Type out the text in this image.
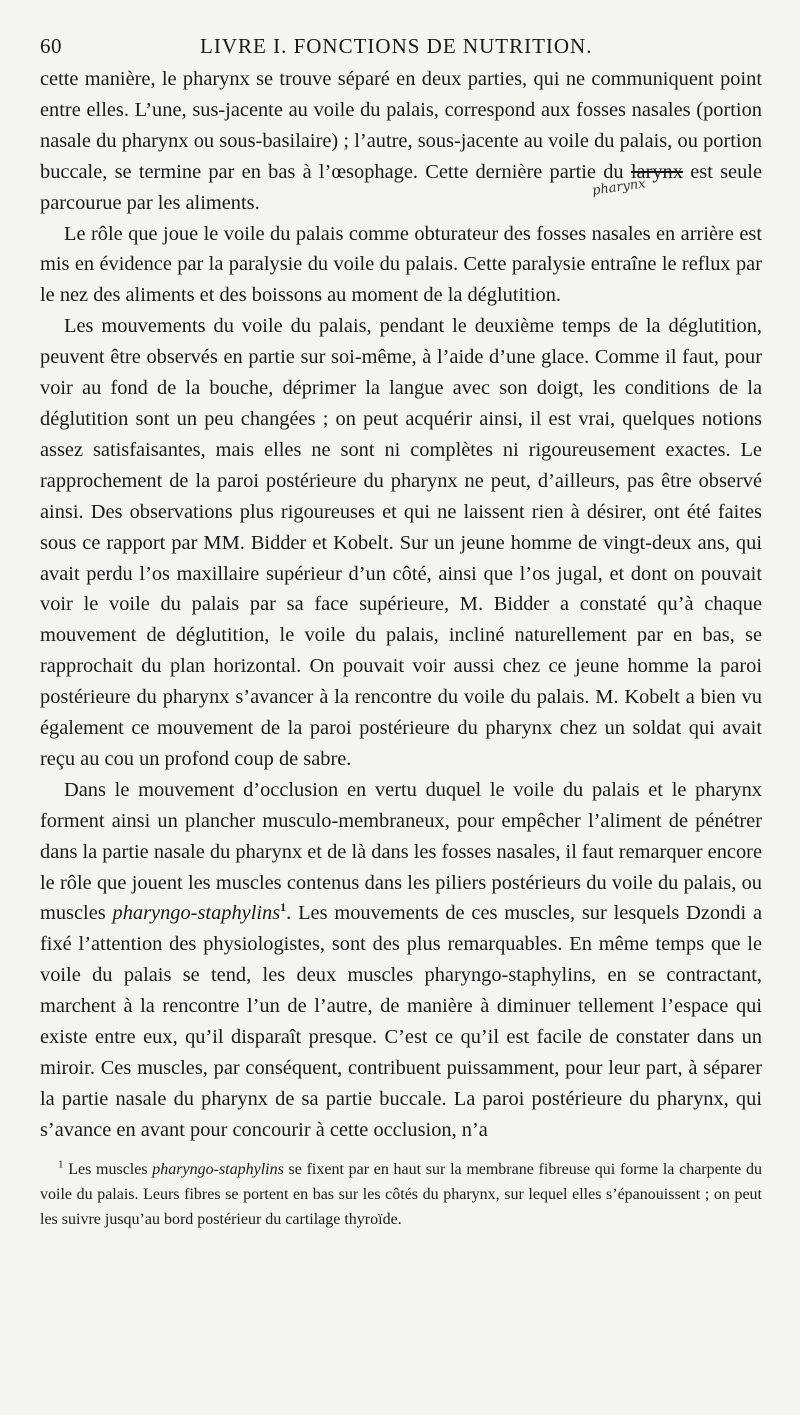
60	LIVRE I. FONCTIONS DE NUTRITION.

cette manière, le pharynx se trouve séparé en deux parties, qui ne communiquent point entre elles. L’une, sus-jacente au voile du palais, correspond aux fosses nasales (portion nasale du pharynx ou sous-basilaire) ; l’autre, sous-jacente au voile du palais, ou portion buccale, se termine par en bas à l’œsophage. Cette dernière partie du larynx est seule parcourue par les aliments.

Le rôle que joue le voile du palais comme obturateur des fosses nasales en arrière est mis en évidence par la paralysie du voile du palais. Cette paralysie entraîne le reflux par le nez des aliments et des boissons au moment de la déglutition.

Les mouvements du voile du palais, pendant le deuxième temps de la déglutition, peuvent être observés en partie sur soi-même, à l’aide d’une glace. Comme il faut, pour voir au fond de la bouche, déprimer la langue avec son doigt, les conditions de la déglutition sont un peu changées ; on peut acquérir ainsi, il est vrai, quelques notions assez satisfaisantes, mais elles ne sont ni complètes ni rigoureusement exactes. Le rapprochement de la paroi postérieure du pharynx ne peut, d’ailleurs, pas être observé ainsi. Des observations plus rigoureuses et qui ne laissent rien à désirer, ont été faites sous ce rapport par MM. Bidder et Kobelt. Sur un jeune homme de vingt-deux ans, qui avait perdu l’os maxillaire supérieur d’un côté, ainsi que l’os jugal, et dont on pouvait voir le voile du palais par sa face supérieure, M. Bidder a constaté qu’à chaque mouvement de déglutition, le voile du palais, incliné naturellement par en bas, se rapprochait du plan horizontal. On pouvait voir aussi chez ce jeune homme la paroi postérieure du pharynx s’avancer à la rencontre du voile du palais. M. Kobelt a bien vu également ce mouvement de la paroi postérieure du pharynx chez un soldat qui avait reçu au cou un profond coup de sabre.

Dans le mouvement d’occlusion en vertu duquel le voile du palais et le pharynx forment ainsi un plancher musculo-membraneux, pour empêcher l’aliment de pénétrer dans la partie nasale du pharynx et de là dans les fosses nasales, il faut remarquer encore le rôle que jouent les muscles contenus dans les piliers postérieurs du voile du palais, ou muscles pharyngo-staphylins$^1$. Les mouvements de ces muscles, sur lesquels Dzondi a fixé l’attention des physiologistes, sont des plus remarquables. En même temps que le voile du palais se tend, les deux muscles pharyngo-staphylins, en se contractant, marchent à la rencontre l’un de l’autre, de manière à diminuer tellement l’espace qui existe entre eux, qu’il disparaît presque. C’est ce qu’il est facile de constater dans un miroir. Ces muscles, par conséquent, contribuent puissamment, pour leur part, à séparer la partie nasale du pharynx de sa partie buccale. La paroi postérieure du pharynx, qui s’avance en avant pour concourir à cette occlusion, n’a

$^1$ Les muscles pharyngo-staphylins se fixent par en haut sur la membrane fibreuse qui forme la charpente du voile du palais. Leurs fibres se portent en bas sur les côtés du pharynx, sur lequel elles s’épanouissent ; on peut les suivre jusqu’au bord postérieur du cartilage thyroïde.

pharynx
